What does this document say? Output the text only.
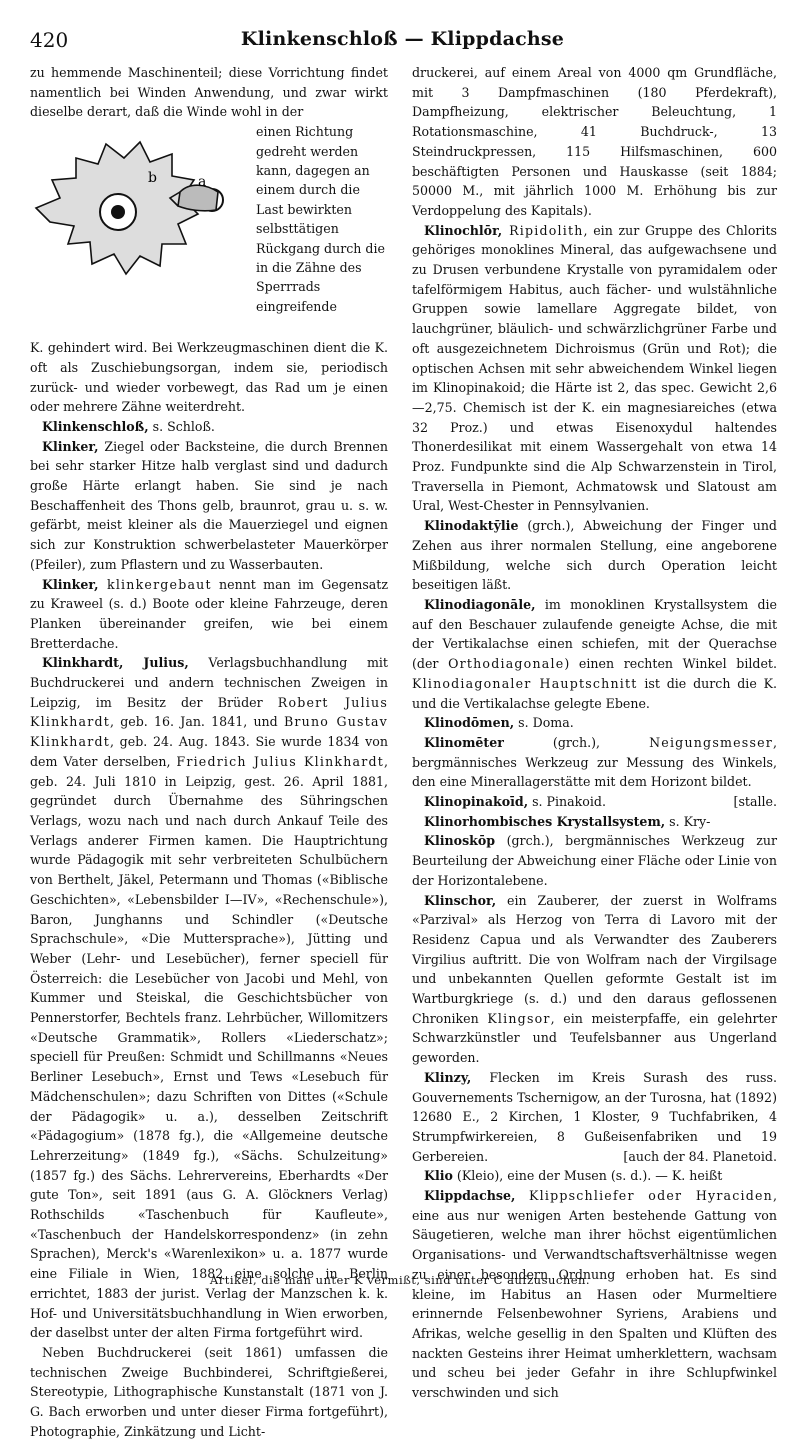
420	Klinkenschloß — Klippdachse

zu hemmende Maschinenteil; diese Vorrichtung findet namentlich bei Winden Anwendung, und zwar wirkt dieselbe derart, daß die Winde wohl in der

b	a
einen Richtung gedreht werden kann, dagegen an einem durch die Last bewirkten selbsttätigen Rückgang durch die in die Zähne des Sperrrads eingreifende

K. gehindert wird. Bei Werkzeugmaschinen dient die K. oft als Zuschiebungsorgan, indem sie, periodisch zurück- und wieder vorbewegt, das Rad um je einen oder mehrere Zähne weiterdreht.

Klinkenschloß, s. Schloß.

Klinker, Ziegel oder Backsteine, die durch Brennen bei sehr starker Hitze halb verglast sind und dadurch große Härte erlangt haben. Sie sind je nach Beschaffenheit des Thons gelb, braunrot, grau u. s. w. gefärbt, meist kleiner als die Mauerziegel und eignen sich zur Konstruktion schwerbelasteter Mauerkörper (Pfeiler), zum Pflastern und zu Wasserbauten.

Klinker, klinkergebaut nennt man im Gegensatz zu Kraweel (s. d.) Boote oder kleine Fahrzeuge, deren Planken übereinander greifen, wie bei einem Bretterdache.

Klinkhardt, Julius, Verlagsbuchhandlung mit Buchdruckerei und andern technischen Zweigen in Leipzig, im Besitz der Brüder Robert Julius Klinkhardt, geb. 16. Jan. 1841, und Bruno Gustav Klinkhardt, geb. 24. Aug. 1843. Sie wurde 1834 von dem Vater derselben, Friedrich Julius Klinkhardt, geb. 24. Juli 1810 in Leipzig, gest. 26. April 1881, gegründet durch Übernahme des Sühringschen Verlags, wozu nach und nach durch Ankauf Teile des Verlags anderer Firmen kamen. Die Hauptrichtung wurde Pädagogik mit sehr verbreiteten Schulbüchern von Berthelt, Jäkel, Petermann und Thomas («Biblische Geschichten», «Lebensbilder I—IV», «Rechenschule»), Baron, Junghanns und Schindler («Deutsche Sprachschule», «Die Muttersprache»), Jütting und Weber (Lehr- und Lesebücher), ferner speciell für Österreich: die Lesebücher von Jacobi und Mehl, von Kummer und Steiskal, die Geschichtsbücher von Pennerstorfer, Bechtels franz. Lehrbücher, Willomitzers «Deutsche Grammatik», Rollers «Liederschatz»; speciell für Preußen: Schmidt und Schillmanns «Neues Berliner Lesebuch», Ernst und Tews «Lesebuch für Mädchenschulen»; dazu Schriften von Dittes («Schule der Pädagogik» u. a.), desselben Zeitschrift «Pädagogium» (1878 fg.), die «Allgemeine deutsche Lehrerzeitung» (1849 fg.), «Sächs. Schulzeitung» (1857 fg.) des Sächs. Lehrervereins, Eberhardts «Der gute Ton», seit 1891 (aus G. A. Glöckners Verlag) Rothschilds «Taschenbuch für Kaufleute», «Taschenbuch der Handelskorrespondenz» (in zehn Sprachen), Merck's «Warenlexikon» u. a. 1877 wurde eine Filiale in Wien, 1882 eine solche in Berlin errichtet, 1883 der jurist. Verlag der Manzschen k. k. Hof- und Universitätsbuchhandlung in Wien erworben, der daselbst unter der alten Firma fortgeführt wird.

Neben Buchdruckerei (seit 1861) umfassen die technischen Zweige Buchbinderei, Schriftgießerei, Stereotypie, Lithographische Kunstanstalt (1871 von J. G. Bach erworben und unter dieser Firma fortgeführt), Photographie, Zinkätzung und Licht-

druckerei, auf einem Areal von 4000 qm Grundfläche, mit 3 Dampfmaschinen (180 Pferdekraft), Dampfheizung, elektrischer Beleuchtung, 1 Rotationsmaschine, 41 Buchdruck-, 13 Steindruckpressen, 115 Hilfsmaschinen, 600 beschäftigten Personen und Hauskasse (seit 1884; 50000 M., mit jährlich 1000 M. Erhöhung bis zur Verdoppelung des Kapitals).

Klinochlōr, Ripidolith, ein zur Gruppe des Chlorits gehöriges monoklines Mineral, das aufgewachsene und zu Drusen verbundene Krystalle von pyramidalem oder tafelförmigem Habitus, auch fächer- und wulstähnliche Gruppen sowie lamellare Aggregate bildet, von lauchgrüner, bläulich- und schwärzlichgrüner Farbe und oft ausgezeichnetem Dichroismus (Grün und Rot); die optischen Achsen mit sehr abweichendem Winkel liegen im Klinopinakoid; die Härte ist 2, das spec. Gewicht 2,6—2,75. Chemisch ist der K. ein magnesiareiches (etwa 32 Proz.) und etwas Eisenoxydul haltendes Thonerdesilikat mit einem Wassergehalt von etwa 14 Proz. Fundpunkte sind die Alp Schwarzenstein in Tirol, Traversella in Piemont, Achmatowsk und Slatoust am Ural, West-Chester in Pennsylvanien.

Klinodaktȳlie (grch.), Abweichung der Finger und Zehen aus ihrer normalen Stellung, eine angeborene Mißbildung, welche sich durch Operation leicht beseitigen läßt.

Klinodiagonāle, im monoklinen Krystallsystem die auf den Beschauer zulaufende geneigte Achse, die mit der Vertikalachse einen schiefen, mit der Querachse (der Orthodiagonale) einen rechten Winkel bildet. Klinodiagonaler Hauptschnitt ist die durch die K. und die Vertikalachse gelegte Ebene.

Klinodōmen, s. Doma.

Klinomēter (grch.), Neigungsmesser, bergmännisches Werkzeug zur Messung des Winkels, den eine Minerallagerstätte mit dem Horizont bildet.

Klinopinakoīd, s. Pinakoid.	[stalle.

Klinorhombisches Krystallsystem, s. Kry-

Klinoskōp (grch.), bergmännisches Werkzeug zur Beurteilung der Abweichung einer Fläche oder Linie von der Horizontalebene.

Klinschor, ein Zauberer, der zuerst in Wolframs «Parzival» als Herzog von Terra di Lavoro mit der Residenz Capua und als Verwandter des Zauberers Virgilius auftritt. Die von Wolfram nach der Virgilsage und unbekannten Quellen geformte Gestalt ist im Wartburgkriege (s. d.) und den daraus geflossenen Chroniken Klingsor, ein meisterpfaffe, ein gelehrter Schwarzkünstler und Teufelsbanner aus Ungerland geworden.

Klinzy, Flecken im Kreis Surash des russ. Gouvernements Tschernigow, an der Turosna, hat (1892) 12680 E., 2 Kirchen, 1 Kloster, 9 Tuchfabriken, 4 Strumpfwirkereien, 8 Gußeisenfabriken und 19 Gerbereien.	[auch der 84. Planetoid.

Klio (Kleio), eine der Musen (s. d.). — K. heißt

Klippdachse, Klippschliefer oder Hyraciden, eine aus nur wenigen Arten bestehende Gattung von Säugetieren, welche man ihrer höchst eigentümlichen Organisations- und Verwandtschaftsverhältnisse wegen zu einer besondern Ordnung erhoben hat. Es sind kleine, im Habitus an Hasen oder Murmeltiere erinnernde Felsenbewohner Syriens, Arabiens und Afrikas, welche gesellig in den Spalten und Klüften des nackten Gesteins ihrer Heimat umherklettern, wachsam und scheu bei jeder Gefahr in ihre Schlupfwinkel verschwinden und sich

Artikel, die man unter K vermißt, sind unter C aufzusuchen.
